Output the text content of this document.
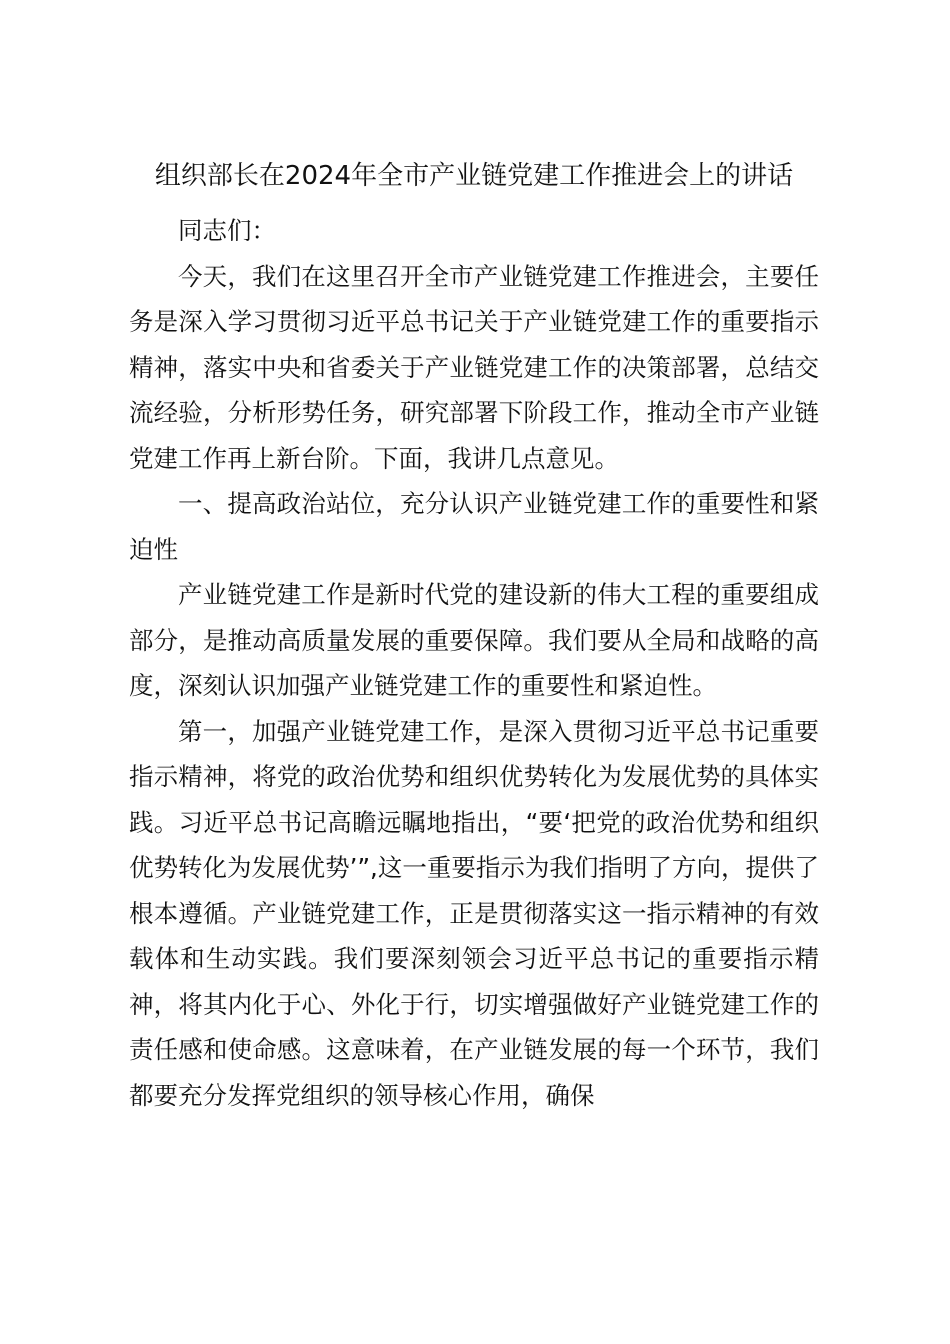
组织部长在2024年全市产业链党建工作推进会上的讲话

同志们：

今天，我们在这里召开全市产业链党建工作推进会，主要任务是深入学习贯彻习近平总书记关于产业链党建工作的重要指示精神，落实中央和省委关于产业链党建工作的决策部署，总结交流经验，分析形势任务，研究部署下阶段工作，推动全市产业链党建工作再上新台阶。下面，我讲几点意见。

一、提高政治站位，充分认识产业链党建工作的重要性和紧迫性

产业链党建工作是新时代党的建设新的伟大工程的重要组成部分，是推动高质量发展的重要保障。我们要从全局和战略的高度，深刻认识加强产业链党建工作的重要性和紧迫性。

第一，加强产业链党建工作，是深入贯彻习近平总书记重要指示精神，将党的政治优势和组织优势转化为发展优势的具体实践。习近平总书记高瞻远瞩地指出，“要‘把党的政治优势和组织优势转化为发展优势’”,这一重要指示为我们指明了方向，提供了根本遵循。产业链党建工作，正是贯彻落实这一指示精神的有效载体和生动实践。我们要深刻领会习近平总书记的重要指示精神，将其内化于心、外化于行，切实增强做好产业链党建工作的责任感和使命感。这意味着，在产业链发展的每一个环节，我们都要充分发挥党组织的领导核心作用，确保
